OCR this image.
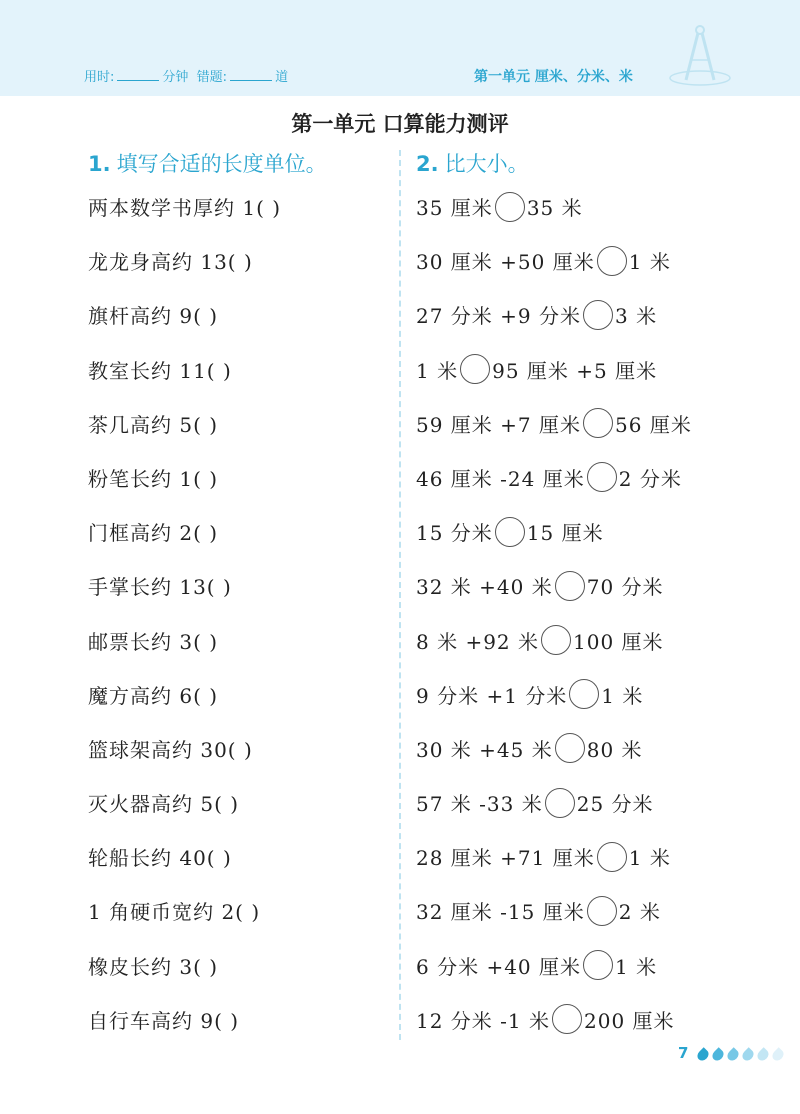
用时:	分钟 错题:	道	第一单元 厘米、分米、米
第一单元 口算能力测评
1. 填写合适的长度单位。	2. 比大小。
两本数学书厚约 1( )
龙龙身高约 13( )
旗杆高约 9( )
教室长约 11( )
茶几高约 5( )
粉笔长约 1( )
门框高约 2( )
手掌长约 13( )
邮票长约 3( )
魔方高约 6( )
篮球架高约 30( )
灭火器高约 5( )
轮船长约 40( )
1 角硬币宽约 2( )
橡皮长约 3( )
自行车高约 9( )
35 厘米 35 米
30 厘米 +50 厘米 1 米
27 分米 +9 分米 3 米
1 米 95 厘米 +5 厘米
59 厘米 +7 厘米 56 厘米
46 厘米 -24 厘米 2 分米
15 分米 15 厘米
32 米 +40 米 70 分米
8 米 +92 米 100 厘米
9 分米 +1 分米 1 米
30 米 +45 米 80 米
57 米 -33 米 25 分米
28 厘米 +71 厘米 1 米
32 厘米 -15 厘米 2 米
6 分米 +40 厘米 1 米
12 分米 -1 米 200 厘米
7
